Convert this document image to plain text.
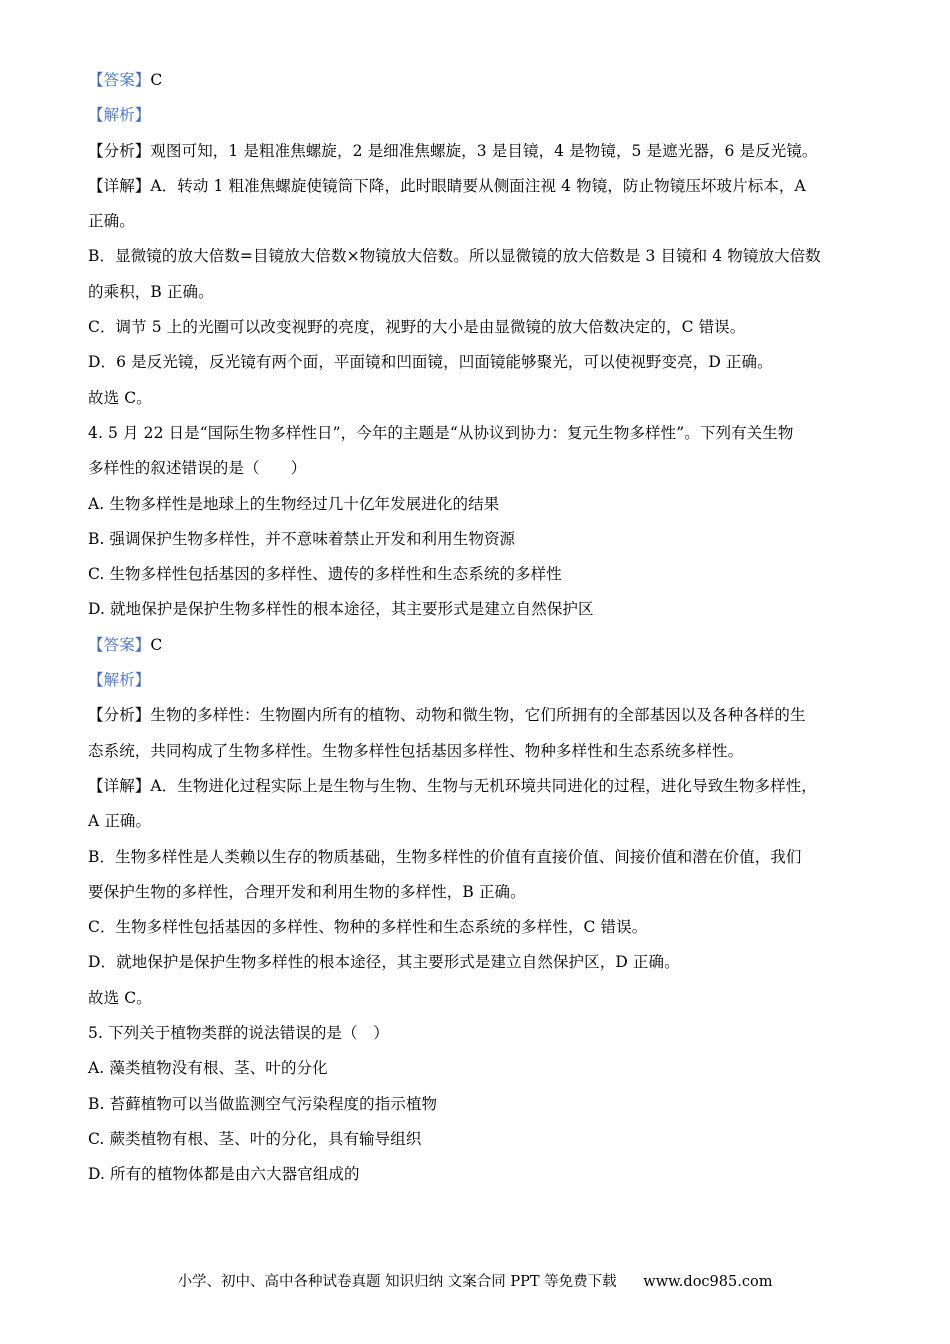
【答案】C
【解析】
【分析】观图可知，1 是粗准焦螺旋，2 是细准焦螺旋，3 是目镜，4 是物镜，5 是遮光器，6 是反光镜。
【详解】A．转动 1 粗准焦螺旋使镜筒下降，此时眼睛要从侧面注视 4 物镜，防止物镜压坏玻片标本，A
正确。
B．显微镜的放大倍数=目镜放大倍数×物镜放大倍数。所以显微镜的放大倍数是 3 目镜和 4 物镜放大倍数
的乘积，B 正确。
C．调节 5 上的光圈可以改变视野的亮度，视野的大小是由显微镜的放大倍数决定的，C 错误。
D．6 是反光镜，反光镜有两个面，平面镜和凹面镜，凹面镜能够聚光，可以使视野变亮，D 正确。
故选 C。
4. 5 月 22 日是“国际生物多样性日”，今年的主题是“从协议到协力：复元生物多样性”。下列有关生物
多样性的叙述错误的是（　　）
A. 生物多样性是地球上的生物经过几十亿年发展进化的结果
B. 强调保护生物多样性，并不意味着禁止开发和利用生物资源
C. 生物多样性包括基因的多样性、遗传的多样性和生态系统的多样性
D. 就地保护是保护生物多样性的根本途径，其主要形式是建立自然保护区
【答案】C
【解析】
【分析】生物的多样性：生物圈内所有的植物、动物和微生物，它们所拥有的全部基因以及各种各样的生
态系统，共同构成了生物多样性。生物多样性包括基因多样性、物种多样性和生态系统多样性。
【详解】A．生物进化过程实际上是生物与生物、生物与无机环境共同进化的过程，进化导致生物多样性，
A 正确。
B．生物多样性是人类赖以生存的物质基础，生物多样性的价值有直接价值、间接价值和潜在价值，我们
要保护生物的多样性，合理开发和利用生物的多样性，B 正确。
C．生物多样性包括基因的多样性、物种的多样性和生态系统的多样性，C 错误。
D．就地保护是保护生物多样性的根本途径，其主要形式是建立自然保护区，D 正确。
故选 C。
5. 下列关于植物类群的说法错误的是（　）
A. 藻类植物没有根、茎、叶的分化
B. 苔藓植物可以当做监测空气污染程度的指示植物
C. 蕨类植物有根、茎、叶的分化，具有输导组织
D. 所有的植物体都是由六大器官组成的
小学、初中、高中各种试卷真题 知识归纳 文案合同 PPT 等免费下载 www.doc985.com
